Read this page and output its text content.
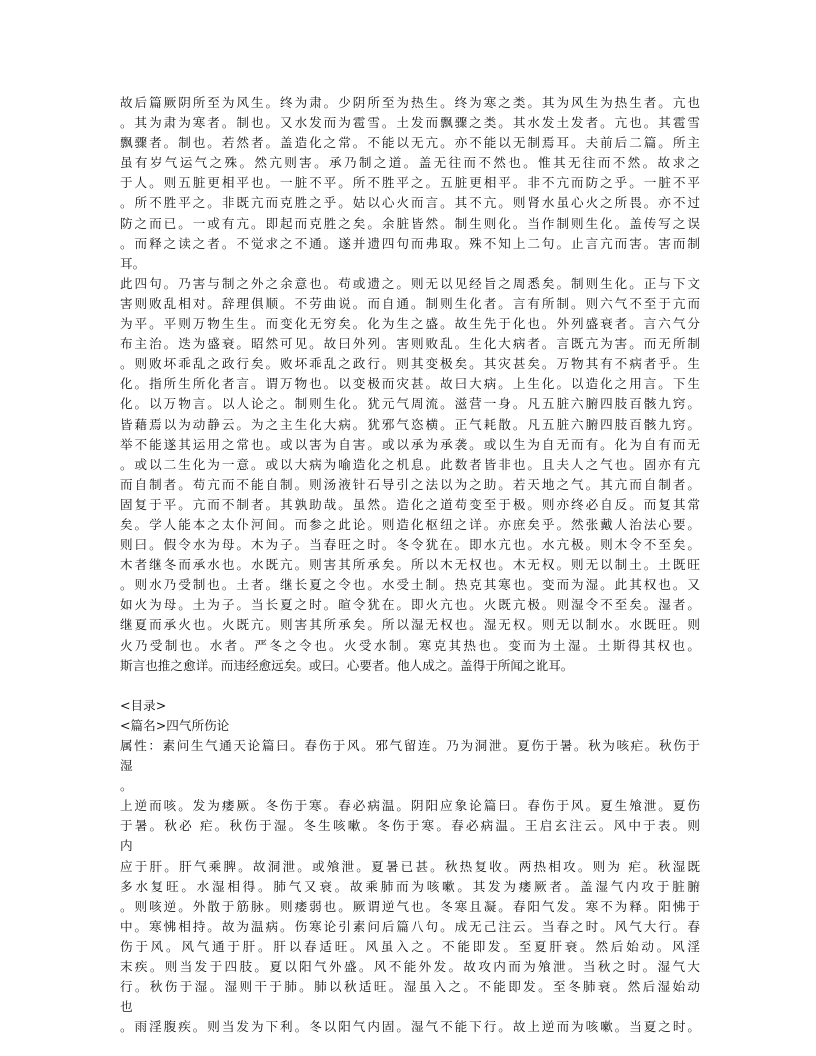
故后篇厥阴所至为风生。终为肃。少阴所至为热生。终为寒之类。其为风生为热生者。亢也
。其为肃为寒者。制也。又水发而为雹雪。土发而飘骤之类。其水发土发者。亢也。其雹雪
飘骤者。制也。若然者。盖造化之常。不能以无亢。亦不能以无制焉耳。夫前后二篇。所主
虽有岁气运气之殊。然亢则害。承乃制之道。盖无往而不然也。惟其无往而不然。故求之
于人。则五脏更相平也。一脏不平。所不胜平之。五脏更相平。非不亢而防之乎。一脏不平
。所不胜平之。非既亢而克胜之乎。姑以心火而言。其不亢。则肾水虽心火之所畏。亦不过
防之而已。一或有亢。即起而克胜之矣。余脏皆然。制生则化。当作制则生化。盖传写之误
。而释之读之者。不觉求之不通。遂并遗四句而弗取。殊不知上二句。止言亢而害。害而制
耳。
此四句。乃害与制之外之余意也。苟或遗之。则无以见经旨之周悉矣。制则生化。正与下文
害则败乱相对。辞理俱顺。不劳曲说。而自通。制则生化者。言有所制。则六气不至于亢而
为平。平则万物生生。而变化无穷矣。化为生之盛。故生先于化也。外列盛衰者。言六气分
布主治。迭为盛衰。昭然可见。故曰外列。害则败乱。生化大病者。言既亢为害。而无所制
。则败坏乖乱之政行矣。败坏乖乱之政行。则其变极矣。其灾甚矣。万物其有不病者乎。生
化。指所生所化者言。谓万物也。以变极而灾甚。故曰大病。上生化。以造化之用言。下生
化。以万物言。以人论之。制则生化。犹元气周流。滋营一身。凡五脏六腑四肢百骸九窍。
皆藉焉以为动静云。为之主生化大病。犹邪气恣横。正气耗散。凡五脏六腑四肢百骸九窍。
举不能遂其运用之常也。或以害为自害。或以承为承袭。或以生为自无而有。化为自有而无
。或以二生化为一意。或以大病为喻造化之机息。此数者皆非也。且夫人之气也。固亦有亢
而自制者。苟亢而不能自制。则汤液针石导引之法以为之助。若天地之气。其亢而自制者。
固复于平。亢而不制者。其孰助哉。虽然。造化之道苟变至于极。则亦终必自反。而复其常
矣。学人能本之太仆河间。而参之此论。则造化枢纽之详。亦庶矣乎。然张戴人治法心要。
则曰。假令水为母。木为子。当春旺之时。冬令犹在。即水亢也。水亢极。则木令不至矣。
木者继冬而承水也。水既亢。则害其所承矣。所以木无权也。木无权。则无以制土。土既旺
。则水乃受制也。土者。继长夏之令也。水受土制。热克其寒也。变而为湿。此其权也。又
如火为母。土为子。当长夏之时。暄令犹在。即火亢也。火既亢极。则湿令不至矣。湿者。
继夏而承火也。火既亢。则害其所承矣。所以湿无权也。湿无权。则无以制水。水既旺。则
火乃受制也。水者。严冬之令也。火受水制。寒克其热也。变而为土湿。土斯得其权也。
斯言也推之愈详。而违经愈远矣。或曰。心要者。他人成之。盖得于所闻之讹耳。
<目录>
<篇名>四气所伤论
属性：素问生气通天论篇曰。春伤于风。邪气留连。乃为洞泄。夏伤于暑。秋为咳疟。秋伤于
湿
。
上逆而咳。发为痿厥。冬伤于寒。春必病温。阴阳应象论篇曰。春伤于风。夏生飧泄。夏伤
于暑。秋必 疟。秋伤于湿。冬生咳嗽。冬伤于寒。春必病温。王启玄注云。风中于表。则
内
应于肝。肝气乘脾。故洞泄。或飧泄。夏暑已甚。秋热复收。两热相攻。则为 疟。秋湿既
多水复旺。水湿相得。肺气又衰。故乘肺而为咳嗽。其发为痿厥者。盖湿气内攻于脏腑
。则咳逆。外散于筋脉。则痿弱也。厥谓逆气也。冬寒且凝。春阳气发。寒不为释。阳怫于
中。寒怫相持。故为温病。伤寒论引素问后篇八句。成无己注云。当春之时。风气大行。春
伤于风。风气通于肝。肝以春适旺。风虽入之。不能即发。至夏肝衰。然后始动。风淫
末疾。则当发于四肢。夏以阳气外盛。风不能外发。故攻内而为飧泄。当秋之时。湿气大
行。秋伤于湿。湿则干于肺。肺以秋适旺。湿虽入之。不能即发。至冬肺衰。然后湿始动
也
。雨淫腹疾。则当发为下利。冬以阳气内固。湿气不能下行。故上逆而为咳嗽。当夏之时。
